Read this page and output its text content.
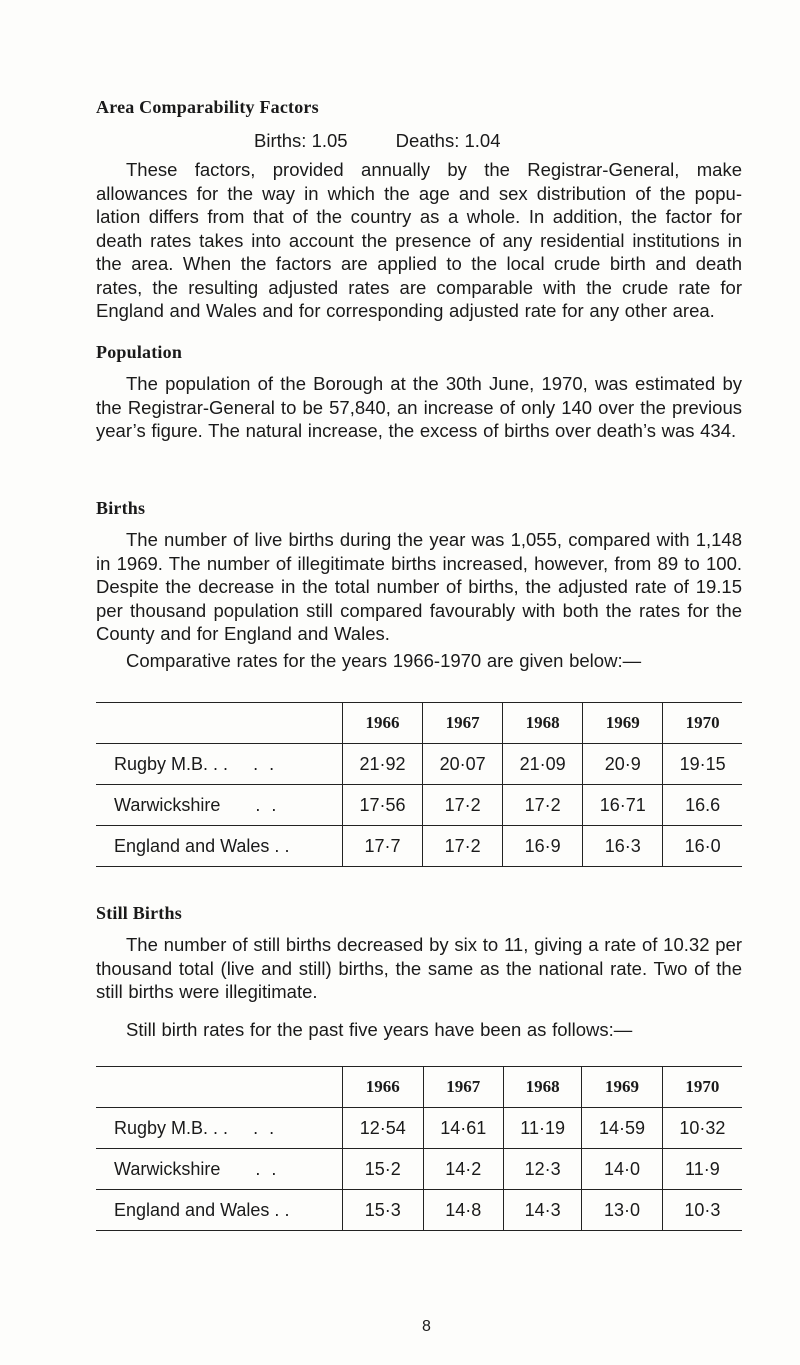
Area Comparability Factors
Births: 1.05	Deaths: 1.04
These factors, provided annually by the Registrar-General, make allowances for the way in which the age and sex distribution of the popu- lation differs from that of the country as a whole. In addition, the factor for death rates takes into account the presence of any residential institutions in the area. When the factors are applied to the local crude birth and death rates, the resulting adjusted rates are comparable with the crude rate for England and Wales and for corresponding adjusted rate for any other area.
Population
The population of the Borough at the 30th June, 1970, was estimated by the Registrar-General to be 57,840, an increase of only 140 over the previous year’s figure. The natural increase, the excess of births over death’s was 434.
Births
The number of live births during the year was 1,055, compared with 1,148 in 1969. The number of illegitimate births increased, however, from 89 to 100. Despite the decrease in the total number of births, the adjusted rate of 19.15 per thousand population still compared favourably with both the rates for the County and for England and Wales.
Comparative rates for the years 1966-1970 are given below:—
	1966	1967	1968	1969	1970
Rugby M.B. . . . .	21·92	20·07	21·09	20·9	19·15
Warwickshire . .	17·56	17·2	17·2	16·71	16.6
England and Wales . .	17·7	17·2	16·9	16·3	16·0
Still Births
The number of still births decreased by six to 11, giving a rate of 10.32 per thousand total (live and still) births, the same as the national rate. Two of the still births were illegitimate.
Still birth rates for the past five years have been as follows:—
	1966	1967	1968	1969	1970
Rugby M.B. . . . .	12·54	14·61	11·19	14·59	10·32
Warwickshire . .	15·2	14·2	12·3	14·0	11·9
England and Wales . .	15·3	14·8	14·3	13·0	10·3
8
